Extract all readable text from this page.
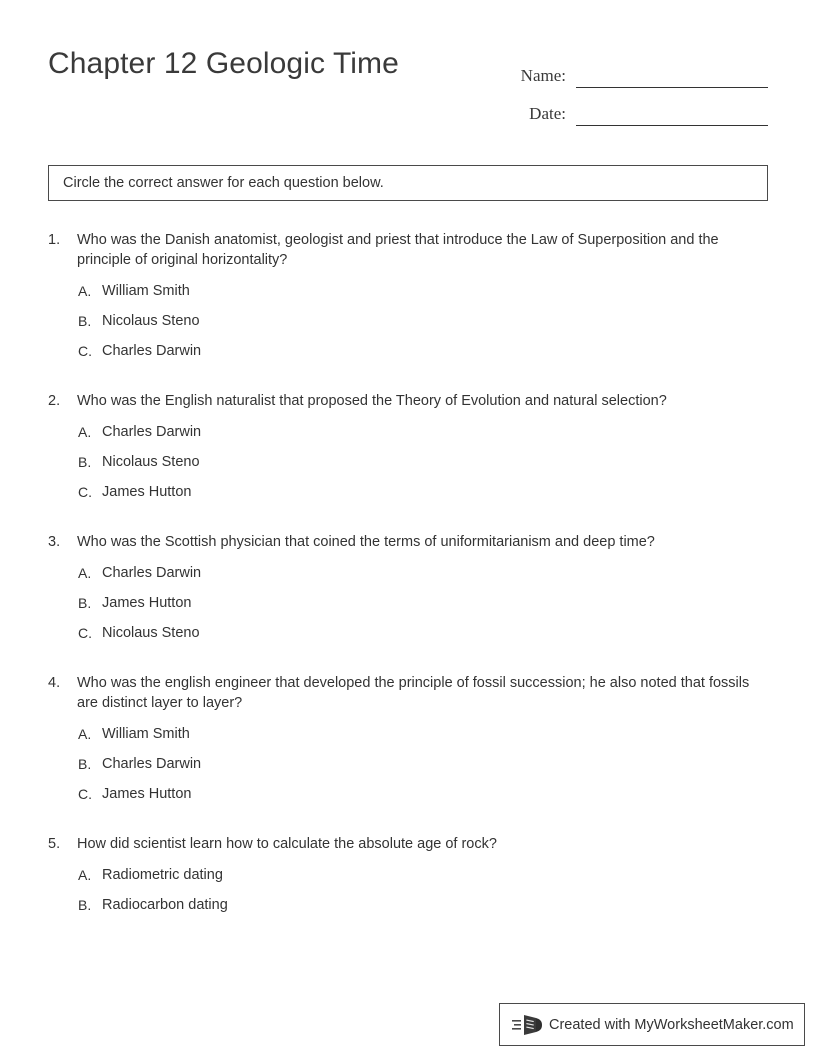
Chapter 12 Geologic Time	Name:
Date:
Circle the correct answer for each question below.
1.	Who was the Danish anatomist, geologist and priest that introduce the Law of Superposition and the principle of original horizontality?
A. William Smith
B. Nicolaus Steno
C. Charles Darwin
2.	Who was the English naturalist that proposed the Theory of Evolution and natural selection?
A. Charles Darwin
B. Nicolaus Steno
C. James Hutton
3.	Who was the Scottish physician that coined the terms of uniformitarianism and deep time?
A. Charles Darwin
B. James Hutton
C. Nicolaus Steno
4.	Who was the english engineer that developed the principle of fossil succession; he also noted that fossils are distinct layer to layer?
A. William Smith
B. Charles Darwin
C. James Hutton
5.	How did scientist learn how to calculate the absolute age of rock?
A. Radiometric dating
B. Radiocarbon dating
Created with MyWorksheetMaker.com
